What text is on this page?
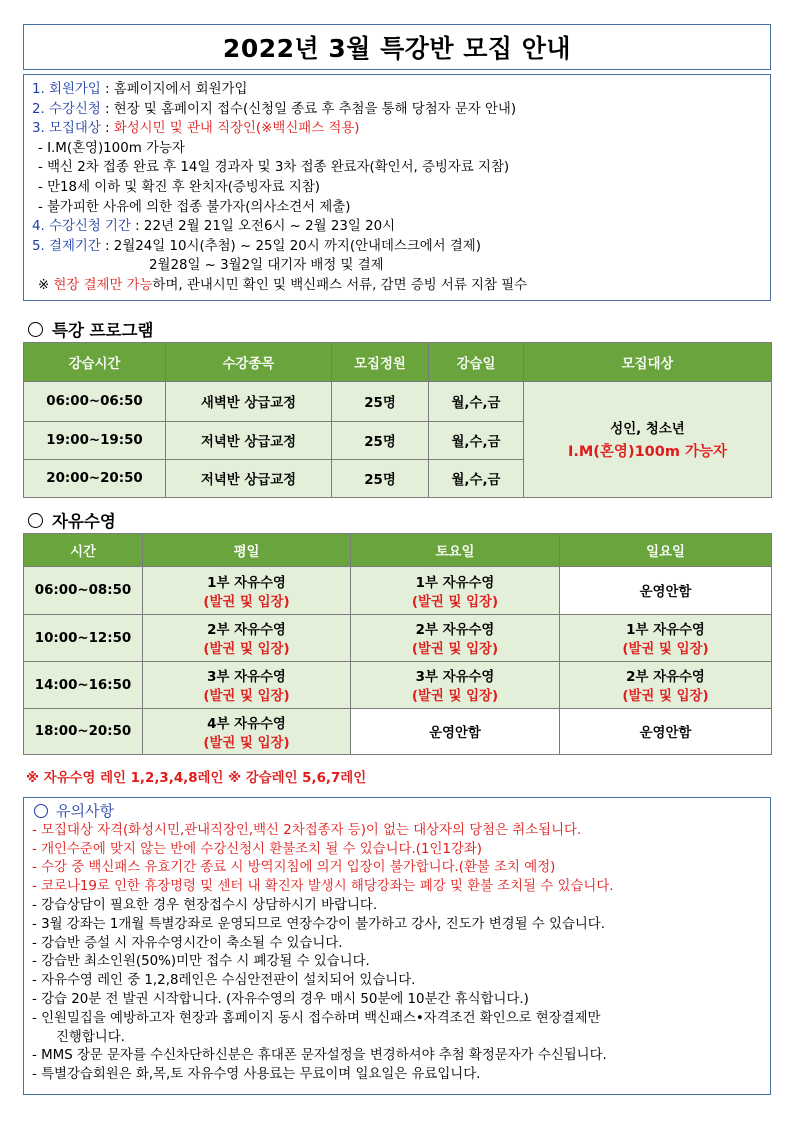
2022년 3월 특강반 모집 안내
1. 회원가입 : 홈페이지에서 회원가입
2. 수강신청 : 현장 및 홈페이지 접수(신청일 종료 후 추첨을 통해 당첨자 문자 안내)
3. 모집대상 : 화성시민 및 관내 직장인(※백신패스 적용)
- I.M(혼영)100m 가능자
- 백신 2차 접종 완료 후 14일 경과자 및 3차 접종 완료자(확인서, 증빙자료 지참)
- 만18세 이하 및 확진 후 완치자(증빙자료 지참)
- 불가피한 사유에 의한 접종 불가자(의사소견서 제출)
4. 수강신청 기간 : 22년 2월 21일 오전6시 ~ 2월 23일 20시
5. 결제기간 : 2월24일 10시(추첨) ~ 25일 20시 까지(안내데스크에서 결제)
2월28일 ~ 3월2일 대기자 배정 및 결제
※ 현장 결제만 가능하며, 관내시민 확인 및 백신패스 서류, 감면 증빙 서류 지참 필수
특강 프로그램
강습시간	수강종목	모집정원	강습일	모집대상
06:00~06:50	새벽반 상급교정	25명	월,수,금	성인, 청소년
I.M(혼영)100m 가능자

19:00~19:50	저녁반 상급교정	25명	월,수,금	
20:00~20:50	저녁반 상급교정	25명	월,수,금	
자유수영
시간	평일	토요일	일요일
06:00~08:50	1부 자유수영
(발권 및 입장)	1부 자유수영
(발권 및 입장)	운영안함
10:00~12:50	2부 자유수영
(발권 및 입장)	2부 자유수영
(발권 및 입장)	1부 자유수영
(발권 및 입장)

14:00~16:50	3부 자유수영
(발권 및 입장)	3부 자유수영
(발권 및 입장)	2부 자유수영
(발권 및 입장)

18:00~20:50	4부 자유수영
(발권 및 입장)	운영안함	운영안함
※ 자유수영 레인 1,2,3,4,8레인 ※ 강습레인 5,6,7레인
유의사항
- 모집대상 자격(화성시민,관내직장인,백신 2차접종자 등)이 없는 대상자의 당첨은 취소됩니다.
- 개인수준에 맞지 않는 반에 수강신청시 환불조치 될 수 있습니다.(1인1강좌)
- 수강 중 백신패스 유효기간 종료 시 방역지침에 의거 입장이 불가합니다.(환불 조치 예정)
- 코로나19로 인한 휴장명령 및 센터 내 확진자 발생시 해당강좌는 폐강 및 환불 조치될 수 있습니다.
- 강습상담이 필요한 경우 현장접수시 상담하시기 바랍니다.
- 3월 강좌는 1개월 특별강좌로 운영되므로 연장수강이 불가하고 강사, 진도가 변경될 수 있습니다.
- 강습반 증설 시 자유수영시간이 축소될 수 있습니다.
- 강습반 최소인원(50%)미만 접수 시 폐강될 수 있습니다.
- 자유수영 레인 중 1,2,8레인은 수심안전판이 설치되어 있습니다.
- 강습 20분 전 발권 시작합니다. (자유수영의 경우 매시 50분에 10분간 휴식합니다.)
- 인원밀집을 예방하고자 현장과 홈페이지 동시 접수하며 백신패스•자격조건 확인으로 현장결제만
진행합니다.
- MMS 장문 문자를 수신차단하신분은 휴대폰 문자설정을 변경하셔야 추첨 확정문자가 수신됩니다.
- 특별강습회원은 화,목,토 자유수영 사용료는 무료이며 일요일은 유료입니다.
